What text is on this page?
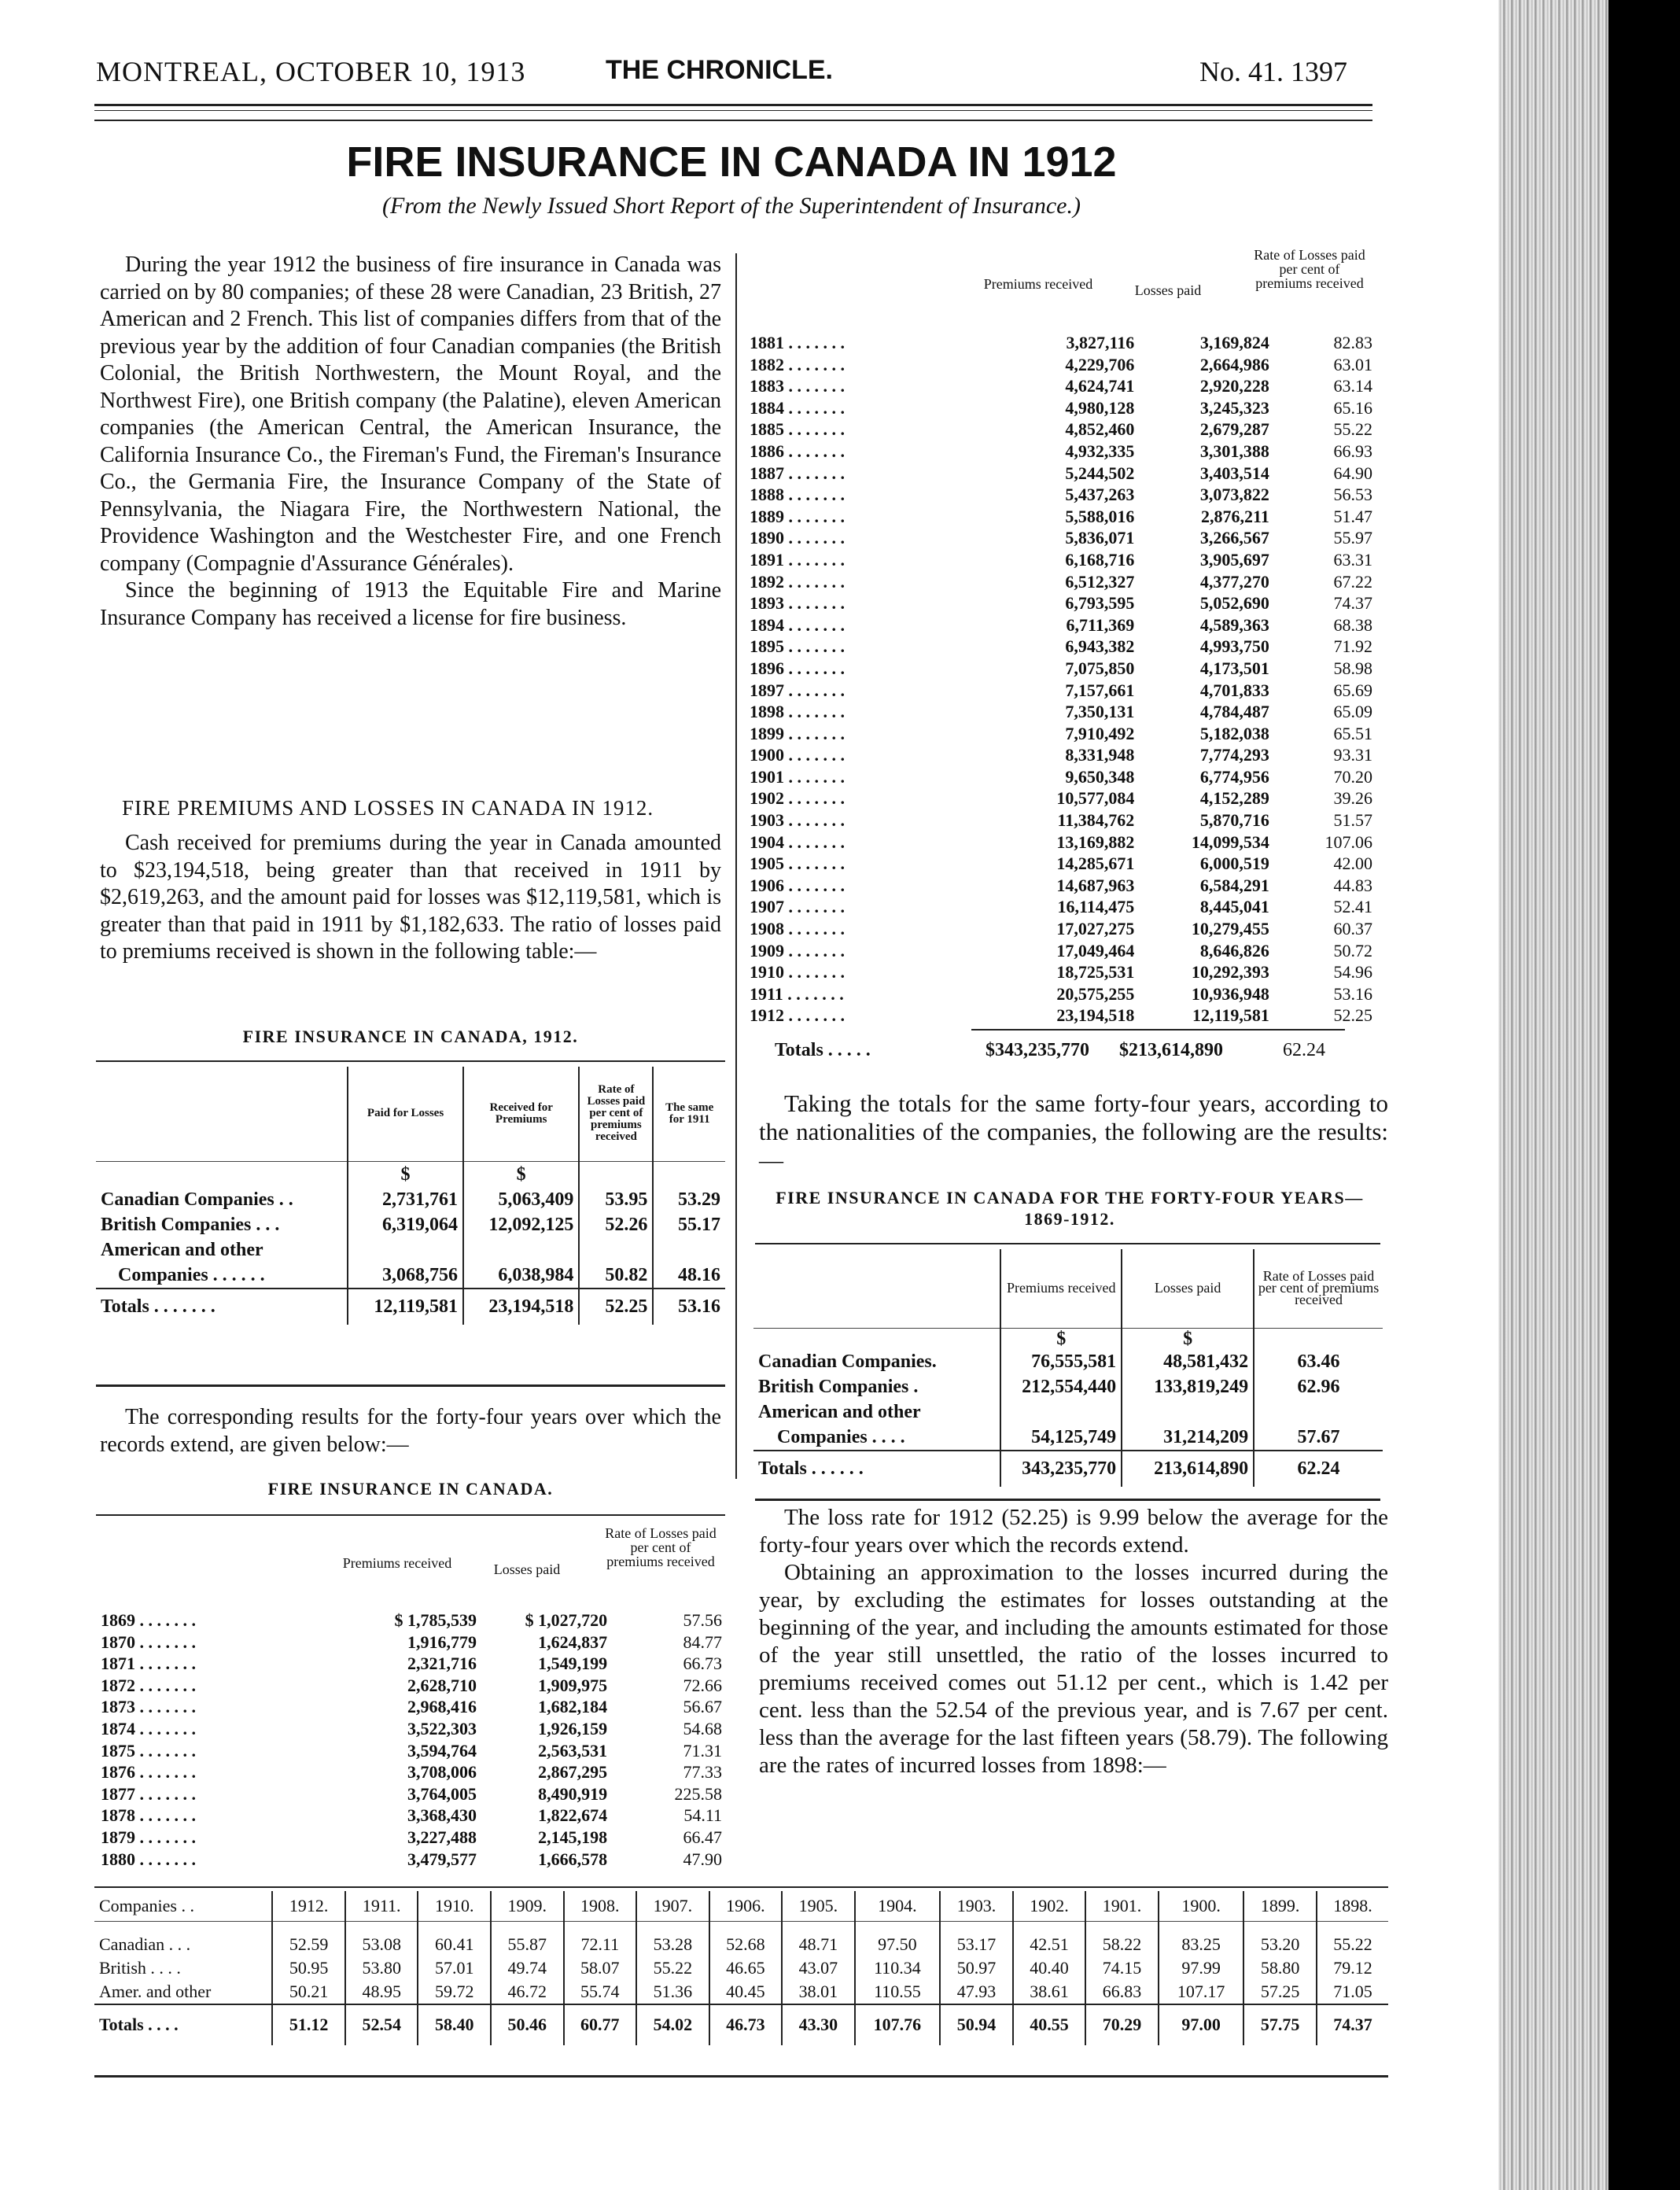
MONTREAL, OCTOBER 10, 1913	THE CHRONICLE.	No. 41. 1397
FIRE INSURANCE IN CANADA IN 1912
(From the Newly Issued Short Report of the Superintendent of Insurance.)

During the year 1912 the business of fire insurance in Canada was carried on by 80 companies; of these 28 were Canadian, 23 British, 27 American and 2 French. This list of companies differs from that of the previous year by the addition of four Canadian companies (the British Colonial, the British Northwestern, the Mount Royal, and the Northwest Fire), one British company (the Palatine), eleven American companies (the American Central, the American Insurance, the California Insurance Co., the Fireman's Fund, the Fireman's Insurance Co., the Germania Fire, the Insurance Company of the State of Pennsylvania, the Niagara Fire, the Northwestern National, the Providence Washington and the Westchester Fire, and one French company (Compagnie d'Assurance Générales).

Since the beginning of 1913 the Equitable Fire and Marine Insurance Company has received a license for fire business.

FIRE PREMIUMS AND LOSSES IN CANADA IN 1912.

Cash received for premiums during the year in Canada amounted to $23,194,518, being greater than that received in 1911 by $2,619,263, and the amount paid for losses was $12,119,581, which is greater than that paid in 1911 by $1,182,633. The ratio of losses paid to premiums received is shown in the following table:—

FIRE INSURANCE IN CANADA, 1912.
	Paid for Losses	Received for Premiums	Rate of Losses paid per cent of premiums received	The same for 1911
	$	$		
Canadian Companies . .	2,731,761	5,063,409	53.95	53.29
British Companies . . .	6,319,064	12,092,125	52.26	55.17
American and other				
Companies . . . . . .	3,068,756	6,038,984	50.82	48.16
Totals . . . . . . .	12,119,581	23,194,518	52.25	53.16

The corresponding results for the forty-four years over which the records extend, are given below:—

FIRE INSURANCE IN CANADA.
Premiums received	Losses paid
Rate of Losses paid per cent of premiums received
1869 . . . . . . .	$ 1,785,539	$ 1,027,720	57.56
1870 . . . . . . .	1,916,779	1,624,837	84.77
1871 . . . . . . .	2,321,716	1,549,199	66.73
1872 . . . . . . .	2,628,710	1,909,975	72.66
1873 . . . . . . .	2,968,416	1,682,184	56.67
1874 . . . . . . .	3,522,303	1,926,159	54.68
1875 . . . . . . .	3,594,764	2,563,531	71.31
1876 . . . . . . .	3,708,006	2,867,295	77.33
1877 . . . . . . .	3,764,005	8,490,919	225.58
1878 . . . . . . .	3,368,430	1,822,674	54.11
1879 . . . . . . .	3,227,488	2,145,198	66.47
1880 . . . . . . .	3,479,577	1,666,578	47.90
Premiums received	Losses paid
Rate of Losses paid per cent of premiums received
1881 . . . . . . .	3,827,116	3,169,824	82.83
1882 . . . . . . .	4,229,706	2,664,986	63.01
1883 . . . . . . .	4,624,741	2,920,228	63.14
1884 . . . . . . .	4,980,128	3,245,323	65.16
1885 . . . . . . .	4,852,460	2,679,287	55.22
1886 . . . . . . .	4,932,335	3,301,388	66.93
1887 . . . . . . .	5,244,502	3,403,514	64.90
1888 . . . . . . .	5,437,263	3,073,822	56.53
1889 . . . . . . .	5,588,016	2,876,211	51.47
1890 . . . . . . .	5,836,071	3,266,567	55.97
1891 . . . . . . .	6,168,716	3,905,697	63.31
1892 . . . . . . .	6,512,327	4,377,270	67.22
1893 . . . . . . .	6,793,595	5,052,690	74.37
1894 . . . . . . .	6,711,369	4,589,363	68.38
1895 . . . . . . .	6,943,382	4,993,750	71.92
1896 . . . . . . .	7,075,850	4,173,501	58.98
1897 . . . . . . .	7,157,661	4,701,833	65.69
1898 . . . . . . .	7,350,131	4,784,487	65.09
1899 . . . . . . .	7,910,492	5,182,038	65.51
1900 . . . . . . .	8,331,948	7,774,293	93.31
1901 . . . . . . .	9,650,348	6,774,956	70.20
1902 . . . . . . .	10,577,084	4,152,289	39.26
1903 . . . . . . .	11,384,762	5,870,716	51.57
1904 . . . . . . .	13,169,882	14,099,534	107.06
1905 . . . . . . .	14,285,671	6,000,519	42.00
1906 . . . . . . .	14,687,963	6,584,291	44.83
1907 . . . . . . .	16,114,475	8,445,041	52.41
1908 . . . . . . .	17,027,275	10,279,455	60.37
1909 . . . . . . .	17,049,464	8,646,826	50.72
1910 . . . . . . .	18,725,531	10,292,393	54.96
1911 . . . . . . .	20,575,255	10,936,948	53.16
1912 . . . . . . .	23,194,518	12,119,581	52.25
Totals . . . . .	$343,235,770	$213,614,890	62.24

Taking the totals for the same forty-four years, according to the nationalities of the companies, the following are the results:—

FIRE INSURANCE IN CANADA FOR THE FORTY-FOUR YEARS—
1869-1912.
	Premiums received	Losses paid	Rate of Losses paid per cent of premiums received
	$	$	
Canadian Companies.	76,555,581	48,581,432	63.46
British Companies .	212,554,440	133,819,249	62.96
American and other			
Companies . . . .	54,125,749	31,214,209	57.67
Totals . . . . . .	343,235,770	213,614,890	62.24

The loss rate for 1912 (52.25) is 9.99 below the average for the forty-four years over which the records extend.

Obtaining an approximation to the losses incurred during the year, by excluding the estimates for losses outstanding at the beginning of the year, and including the amounts estimated for those of the year still unsettled, the ratio of the losses incurred to premiums received comes out 51.12 per cent., which is 1.42 per cent. less than the 52.54 of the previous year, and is 7.67 per cent. less than the average for the last fifteen years (58.79). The following are the rates of incurred losses from 1898:—

Companies . .	1912.	1911.	1910.	1909.	1908.	1907.	1906.	1905.	1904.	1903.	1902.	1901.	1900.	1899.	1898.

Canadian . . .	52.59	53.08	60.41	55.87	72.11	53.28	52.68	48.71	97.50	53.17	42.51	58.22	83.25	53.20	55.22
British . . . .	50.95	53.80	57.01	49.74	58.07	55.22	46.65	43.07	110.34	50.97	40.40	74.15	97.99	58.80	79.12
Amer. and other	50.21	48.95	59.72	46.72	55.74	51.36	40.45	38.01	110.55	47.93	38.61	66.83	107.17	57.25	71.05
Totals . . . .	51.12	52.54	58.40	50.46	60.77	54.02	46.73	43.30	107.76	50.94	40.55	70.29	97.00	57.75	74.37
